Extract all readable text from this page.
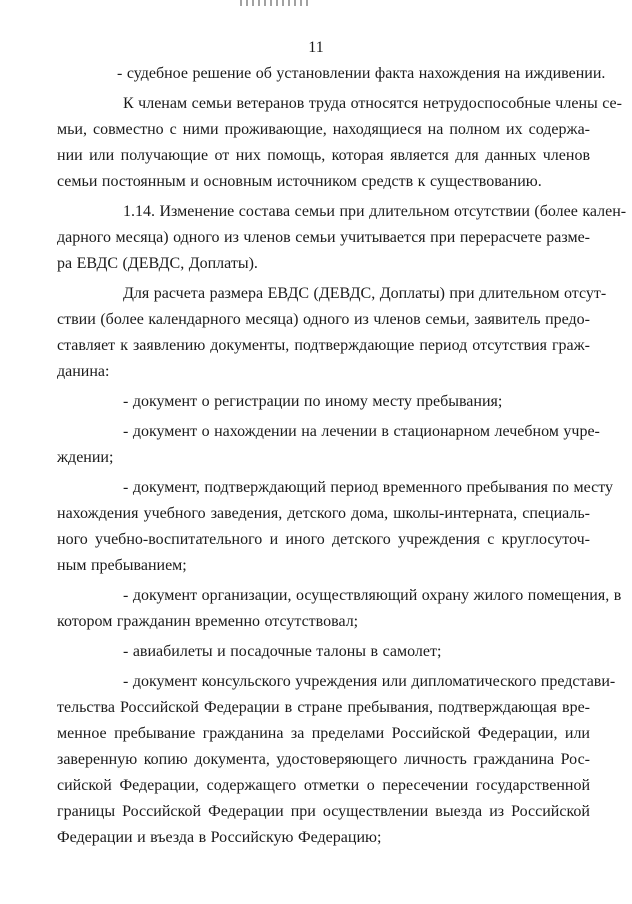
11
- судебное решение об установлении факта нахождения на иждивении.
К членам семьи ветеранов труда относятся нетрудоспособные члены се-
мьи, совместно с ними проживающие, находящиеся на полном их содержа-
нии или получающие от них помощь, которая является для данных членов
семьи постоянным и основным источником средств к существованию.
1.14. Изменение состава семьи при длительном отсутствии (более кален-
дарного месяца) одного из членов семьи учитывается при перерасчете разме-
ра ЕВДС (ДЕВДС, Доплаты).
Для расчета размера ЕВДС (ДЕВДС, Доплаты) при длительном отсут-
ствии (более календарного месяца) одного из членов семьи, заявитель предо-
ставляет к заявлению документы, подтверждающие период отсутствия граж-
данина:
- документ о регистрации по иному месту пребывания;
- документ о нахождении на лечении в стационарном лечебном учре-
ждении;
- документ, подтверждающий период временного пребывания по месту
нахождения учебного заведения, детского дома, школы-интерната, специаль-
ного учебно-воспитательного и иного детского учреждения с круглосуточ-
ным пребыванием;
- документ организации, осуществляющий охрану жилого помещения, в
котором гражданин временно отсутствовал;
- авиабилеты и посадочные талоны в самолет;
- документ консульского учреждения или дипломатического представи-
тельства Российской Федерации в стране пребывания, подтверждающая вре-
менное пребывание гражданина за пределами Российской Федерации, или
заверенную копию документа, удостоверяющего личность гражданина Рос-
сийской Федерации, содержащего отметки о пересечении государственной
границы Российской Федерации при осуществлении выезда из Российской
Федерации и въезда в Российскую Федерацию;
